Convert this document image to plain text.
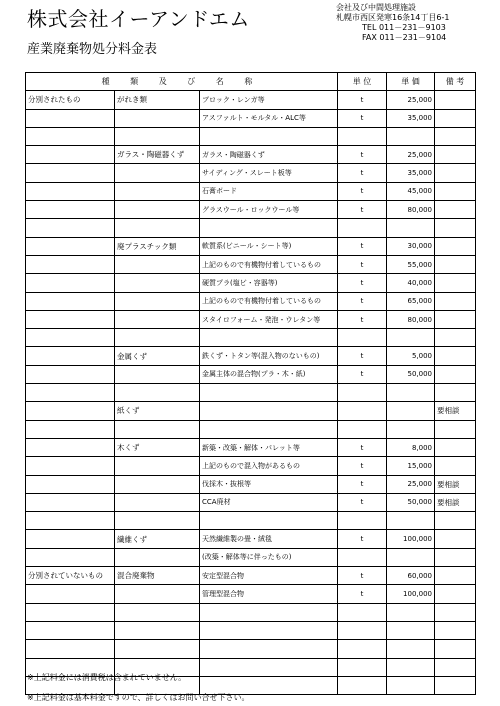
株式会社イーアンドエム
産業廃棄物処分料金表
会社及び中間処理施設
札幌市西区発寒16条14丁目6-1
TEL 011－231－9103
FAX 011－231－9104
種 類 及 び 名 称			単 位	単 価	備 考
分別されたもの	がれき類	ブロック・レンガ等	t	25,000	
		アスファルト・モルタル・ALC等	t	35,000	

	ガラス・陶磁器くず	ガラス・陶磁器くず	t	25,000	
		サイディング・スレート板等	t	35,000	
		石膏ボード	t	45,000	
		グラスウール・ロックウール等	t	80,000	

	廃プラスチック類	軟質系(ビニール・シート等)	t	30,000	
		上記のもので有機物付着しているもの	t	55,000	
		硬質プラ(塩ビ・容器等)	t	40,000	
		上記のもので有機物付着しているもの	t	65,000	
		スタイロフォーム・発泡・ウレタン等	t	80,000	

	金属くず	鉄くず・トタン等(混入物のないもの)	t	5,000	
		金属主体の混合物(プラ・木・紙)	t	50,000	

	紙くず				要相談

	木くず	新築・改築・解体・パレット等	t	8,000	
		上記のもので混入物があるもの	t	15,000	
		伐採木・抜根等	t	25,000	要相談
		CCA廃材	t	50,000	要相談

	繊維くず	天然繊維製の畳・絨毯	t	100,000	
		(改築・解体等に伴ったもの)			
分別されていないもの	混合廃棄物	安定型混合物	t	60,000	
		管理型混合物	t	100,000	

※上記料金には消費税は含まれていません。
※上記料金は基本料金ですので、詳しくはお問い合せ下さい。
